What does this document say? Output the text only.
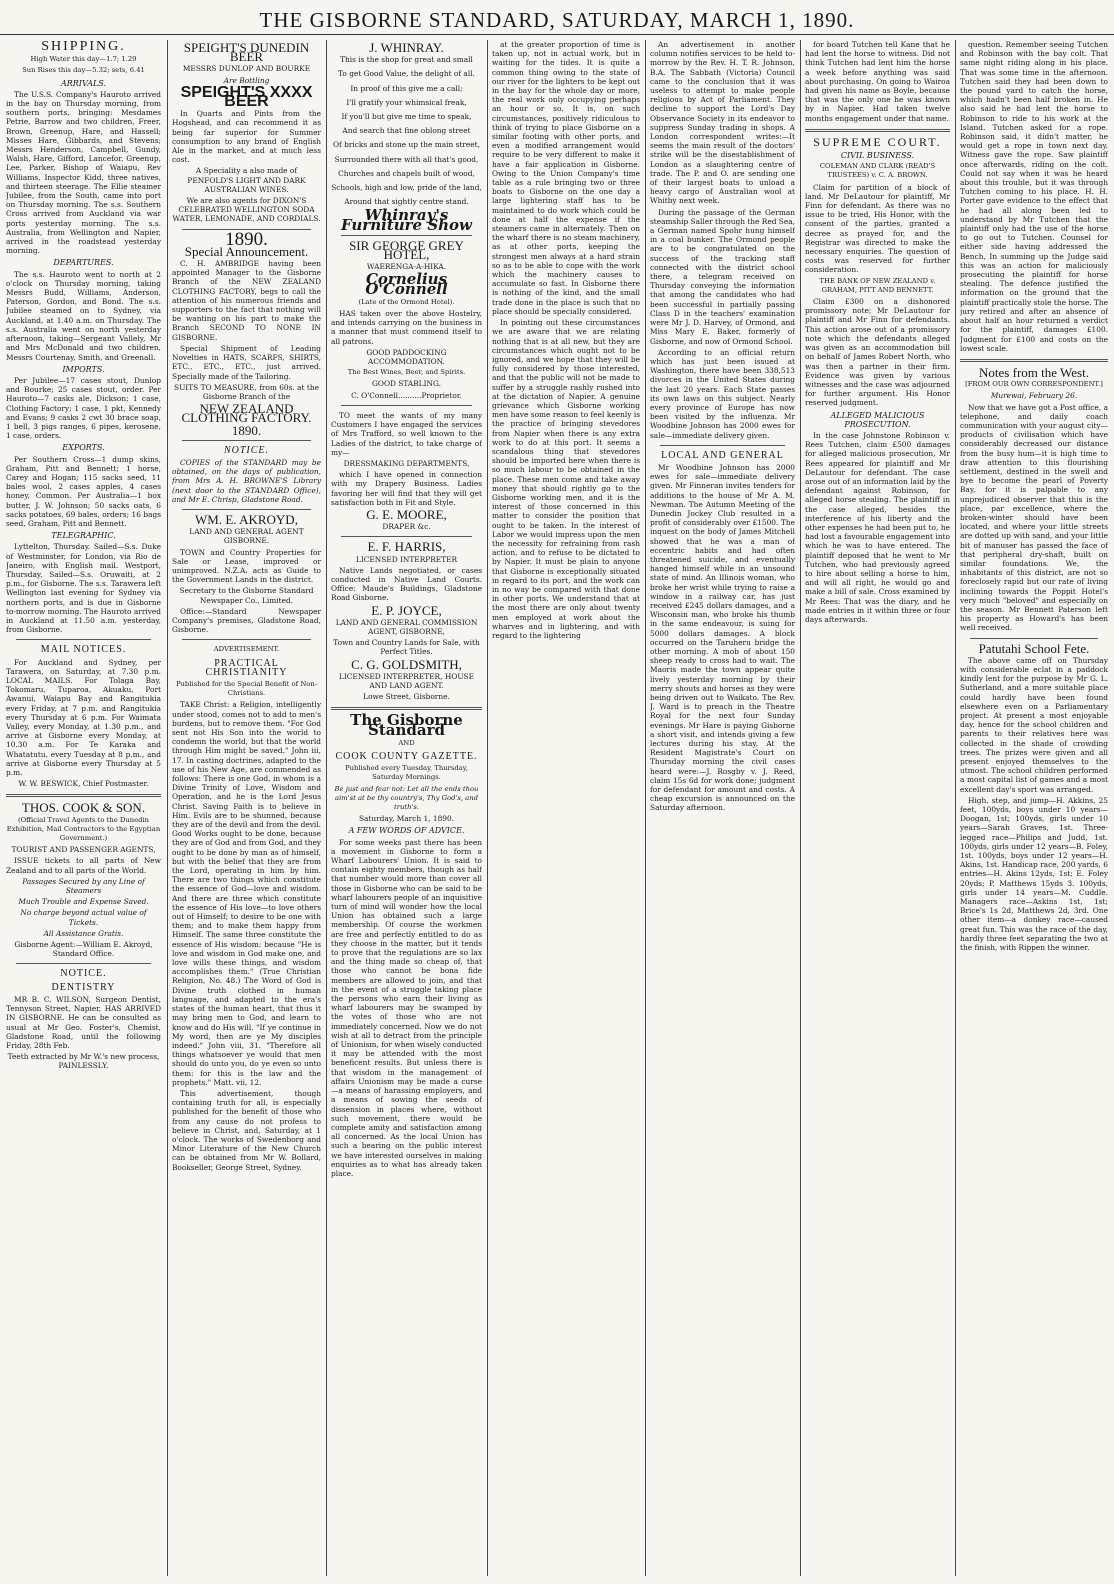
THE GISBORNE STANDARD, SATURDAY, MARCH 1, 1890.
SHIPPING.

High Water this day—1.7; 1.29

Sun Rises this day—5.32; sets, 6.41

ARRIVALS.

The U.S.S. Company's Hauroto arrived in the bay on Thursday morning, from southern ports, bringing: Mesdames Petrie, Barrow and two children, Freer, Brown, Greenup, Hare, and Hassell; Misses Hare, Gibbards, and Stevens; Messrs Henderson, Campbell, Gundy, Walsh, Hare, Gifford, Lancefor, Greenup, Lee, Parker, Bishop of Waiapu, Rev Williams, Inspector Kidd, three natives, and thirteen steerage. The Ellie steamer Jubilee, from the South, came into port on Thursday morning. The s.s. Southern Cross arrived from Auckland via war ports yesterday morning. The s.s. Australia, from Wellington and Napier, arrived in the roadstead yesterday morning.

DEPARTURES.

The s.s. Hauroto went to north at 2 o'clock on Thursday morning, taking Messrs Budd, Williams, Anderson, Paterson, Gordon, and Bond. The s.s. Jubilee steamed on to Sydney, via Auckland, at 1.40 a.m. on Thursday. The s.s. Australia went on north yesterday afternoon, taking—Sergeant Vallely, Mr and Mrs McDonald and two children, Messrs Courtenay, Smith, and Greenall.

IMPORTS.

Per Jubilee—17 cases stout, Dunlop and Bourke; 25 cases stout, order. Per Hauroto—7 casks ale, Dickson; 1 case, Clothing Factory; 1 case, 1 pkt, Kennedy and Evans; 9 casks 2 cwt 30 brace soap, 1 bell, 3 pigs ranges, 6 pipes, kerosene, 1 case, orders.

EXPORTS.

Per Southern Cross—1 dump skins, Graham, Pitt and Bennett; 1 horse, Carey and Hogan; 115 sacks seed, 11 bales wool, 2 cases apples, 4 cases honey, Common. Per Australia—1 box butter, J. W. Johnson; 50 sacks oats, 6 sacks potatoes, 69 bales, orders; 16 bags seed, Graham, Pitt and Bennett.

TELEGRAPHIC.

Lyttelton, Thursday. Sailed—S.s. Duke of Westminster, for London, via Rio de Janeiro, with English mail. Westport, Thursday. Sailed—S.s. Oruwaiti, at 2 p.m., for Gisborne. The s.s. Tarawera left Wellington last evening for Sydney via northern ports, and is due in Gisborne to-morrow morning. The Hauroto arrived in Auckland at 11.50 a.m. yesterday, from Gisborne.

MAIL NOTICES.

For Auckland and Sydney, per Tarawera, on Saturday, at 7.30 p.m. LOCAL MAILS. For Tolaga Bay, Tokomaru, Tuparoa, Akuaku, Port Awanui, Waiapu Bay and Rangitukia every Friday, at 7 p.m. and Rangitukia every Thursday at 6 p.m. For Waimata Valley, every Monday, at 1.30 p.m., and arrive at Gisborne every Monday, at 10.30 a.m. For Te Karaka and Whatatutu, every Tuesday at 8 p.m., and arrive at Gisborne every Thursday at 5 p.m.

W. W. BESWICK, Chief Postmaster.

THOS. COOK & SON.

(Official Travel Agents to the Dunedin Exhibition, Mail Contractors to the Egyptian Government.)

TOURIST AND PASSENGER AGENTS,

ISSUE tickets to all parts of New Zealand and to all parts of the World.

Passages Secured by any Line of Steamers

Much Trouble and Expense Saved.

No charge beyond actual value of Tickets.

All Assistance Gratis.

Gisborne Agent:—William E. Akroyd, Standard Office.

NOTICE.
DENTISTRY

MR B. C. WILSON, Surgeon Dentist, Tennyson Street, Napier, HAS ARRIVED IN GISBORNE. He can be consulted as usual at Mr Geo. Foster's, Chemist, Gladstone Road, until the following Friday, 28th Feb.

Teeth extracted by Mr W.'s new process, PAINLESSLY.

SPEIGHT'S DUNEDIN BEER

MESSRS DUNLOP AND BOURKE

Are Bottling

SPEIGHT'S XXXX BEER

In Quarts and Pints from the Hogshead, and can recommend it as being far superior for Summer consumption to any brand of English Ale in the market, and at much less cost.

A Speciality a also made of PENFOLD'S LIGHT AND DARK AUSTRALIAN WINES.

We are also agents for DIXON'S CELEBRATED WELLINGTON SODA WATER, LEMONADE, AND CORDIALS.

1890.
Special Announcement.

C. H. AMBRIDGE having been appointed Manager to the Gisborne Branch of the NEW ZEALAND CLOTHING FACTORY, begs to call the attention of his numerous friends and supporters to the fact that nothing will be wanting on his part to make the Branch SECOND TO NONE IN GISBORNE.

Special Shipment of Leading Novelties in HATS, SCARFS, SHIRTS, ETC., ETC., ETC., just arrived. Specially made of the Tailoring.

SUITS TO MEASURE, from 60s. at the Gisborne Branch of the

NEW ZEALAND CLOTHING FACTORY.
1890.
NOTICE.

COPIES of the STANDARD may be obtained, on the days of publication, from Mrs A. H. BROWNE'S Library (next door to the STANDARD Office), and Mr E. Chrisp, Gladstone Road.

WM. E. AKROYD,

LAND AND GENERAL AGENT GISBORNE.

TOWN and Country Properties for Sale or Lease, improved or unimproved. N.Z.A. acts as Guide to the Government Lands in the district.

Secretary to the Gisborne Standard Newspaper Co., Limited.

Office:—Standard Newspaper Company's premises, Gladstone Road, Gisborne.

ADVERTISEMENT.

PRACTICAL CHRISTIANITY

Published for the Special Benefit of Non-Christians.

TAKE Christ: a Religion, intelligently under stood, comes not to add to men's burdens, but to remove them. "For God sent not His Son into the world to condemn the world, but that the world through Him might be saved." John iii, 17. In casting doctrines, adapted to the use of his New Age, are commended as follows: There is one God, in whom is a Divine Trinity of Love, Wisdom and Operation, and he is the Lord Jesus Christ. Saving Faith is to believe in Him. Evils are to be shunned, because they are of the devil and from the devil. Good Works ought to be done, because they are of God and from God, and they ought to be done by man as of himself, but with the belief that they are from the Lord, operating in him by him. There are two things which constitute the essence of God—love and wisdom. And there are three which constitute the essence of His love—to love others out of Himself; to desire to be one with them; and to make them happy from Himself. The same three constitute the essence of His wisdom: because "He is love and wisdom in God make one, and love wills these things, and wisdom accomplishes them." (True Christian Religion, No. 48.) The Word of God is Divine truth clothed in human language, and adapted to the era's states of the human heart, that thus it may bring men to God, and learn to know and do His will. "If ye continue in My word, then are ye My disciples indeed." John viii, 31. "Therefore all things whatsoever ye would that men should do unto you, do ye even so unto them: for this is the law and the prophets." Matt. vii, 12.

This advertisement, though containing truth for all, is especially published for the benefit of those who from any cause do not profess to believe in Christ, and, Saturday, at 1 o'clock. The works of Swedenborg and Minor Literature of the New Church can be obtained from Mr W. Bollard, Bookseller, George Street, Sydney.

J. WHINRAY.

This is the shop for great and small

To get Good Value, the delight of all.

In proof of this give me a call;

I'll gratify your whimsical freak,

If you'll but give me time to speak,

And search that fine oblong street

Of bricks and stone up the main street,

Surrounded there with all that's good,

Churches and chapels built of wood,

Schools, high and low, pride of the land,

Around that sightly centre stand.

Whinray's Furniture Show
SIR GEORGE GREY HOTEL,

WAERENGA-A-HIKA.

Cornelius O'Connell

(Late of the Ormond Hotel).

HAS taken over the above Hostelry, and intends carrying on the business in a manner that must commend itself to all patrons.

GOOD PADDOCKING ACCOMMODATION.

The Best Wines, Beer, and Spirits.

GOOD STABLING.

C. O'Connell..........Proprietor.

TO meet the wants of my many Customers I have engaged the services of Mrs Trafford, so well known to the Ladies of the district, to take charge of my—

DRESSMAKING DEPARTMENTS,

which I have opened in connection with my Drapery Business. Ladies favoring her will find that they will get satisfaction both in Fit and Style.

G. E. MOORE,

DRAPER &c.

E. F. HARRIS,

LICENSED INTERPRETER

Native Lands negotiated, or cases conducted in Native Land Courts. Office: Maude's Buildings, Gladstone Road Gisborne.

E. P. JOYCE,

LAND AND GENERAL COMMISSION AGENT, GISBORNE,

Town and Country Lands for Sale, with Perfect Titles.

C. G. GOLDSMITH,

LICENSED INTERPRETER, HOUSE AND LAND AGENT.

Lowe Street, Gisborne.

The Gisborne Standard

AND

COOK COUNTY GAZETTE.

Published every Tuesday, Thursday, Saturday Mornings.

Be just and fear not: Let all the ends thou aim'st at be thy country's, Thy God's, and truth's.

Saturday, March 1, 1890.

A FEW WORDS OF ADVICE.

For some weeks past there has been a movement in Gisborne to form a Wharf Labourers' Union. It is said to contain eighty members, though as half that number would more than cover all those in Gisborne who can be said to be wharf labourers people of an inquisitive turn of mind will wonder how the local Union has obtained such a large membership. Of course the workmen are free and perfectly entitled to do as they choose in the matter, but it tends to prove that the regulations are so lax and the thing made so cheap of, that those who cannot be bona fide members are allowed to join, and that in the event of a struggle taking place the persons who earn their living as wharf labourers may be swamped by the votes of those who are not immediately concerned. Now we do not wish at all to detract from the principle of Unionism, for when wisely conducted it may be attended with the most beneficent results. But unless there is that wisdom in the management of affairs Unionism may be made a curse—a means of harassing employers, and a means of sowing the seeds of dissension in places where, without such movement, there would be complete amity and satisfaction among all concerned. As the local Union has such a bearing on the public interest we have interested ourselves in making enquiries as to what has already taken place.

at the greater proportion of time is taken up, not in actual work, but in waiting for the tides. It is quite a common thing owing to the state of our river for the lighters to be kept out in the bay for the whole day or more, the real work only occupying perhaps an hour or so. It is, on such circumstances, positively ridiculous to think of trying to place Gisborne on a similar footing with other ports, and even a modified arrangement would require to be very different to make it have a fair application in Gisborne. Owing to the Union Company's time table as a rule bringing two or three boats to Gisborne on the one day a large lightering staff has to be maintained to do work which could be done at half the expense if the steamers came in alternately. Then on the wharf there is no steam machinery, as at other ports, keeping the strongest men always at a hard strain so as to be able to cope with the work which the machinery causes to accumulate so fast. In Gisborne there is nothing of the kind, and the small trade done in the place is such that no place should be specially considered.

In pointing out these circumstances we are aware that we are relating nothing that is at all new, but they are circumstances which ought not to be ignored, and we hope that they will be fully considered by those interested, and that the public will not be made to suffer by a struggle rashly rushed into at the dictation of Napier. A genuine grievance which Gisborne working men have some reason to feel keenly is the practice of bringing stevedores from Napier when there is any extra work to do at this port. It seems a scandalous thing that stevedores should be imported here when there is so much labour to be obtained in the place. These men come and take away money that should rightly go to the Gisborne working men, and it is the interest of those concerned in this matter to consider the position that ought to be taken. In the interest of Labor we would impress upon the men the necessity for refraining from rash action, and to refuse to be dictated to by Napier. It must be plain to anyone that Gisborne is exceptionally situated in regard to its port, and the work can in no way be compared with that done in other ports. We understand that at the most there are only about twenty men employed at work about the wharves and in lightering, and with regard to the lightering

An advertisement in another column notifies services to be held to-morrow by the Rev. H. T. R. Johnson, B.A. The Sabbath (Victoria) Council came to the conclusion that it was useless to attempt to make people religious by Act of Parliament. They decline to support the Lord's Day Observance Society in its endeavor to suppress Sunday trading in shops. A London correspondent writes:—It seems the main result of the doctors' strike will be the disestablishment of London as a slaughtering centre of trade. The P. and O. are sending one of their largest boats to unload a heavy cargo of Australian wool at Whitby next week.

During the passage of the German steamship Saller through the Red Sea, a German named Spohr hung himself in a coal bunker. The Ormond people are to be congratulated on the success of the tracking staff connected with the district school there, a telegram received on Thursday conveying the information that among the candidates who had been successful in partially passing Class D in the teachers' examination were Mr J. D. Harvey, of Ormond, and Miss Mary E. Baker, formerly of Gisborne, and now of Ormond School.

According to an official return which has just been issued at Washington, there have been 338,513 divorces in the United States during the last 20 years. Each State passes its own laws on this subject. Nearly every province of Europe has now been visited by the influenza. Mr Woodbine Johnson has 2000 ewes for sale—immediate delivery given.

LOCAL AND GENERAL

Mr Woodbine Johnson has 2000 ewes for sale—immediate delivery given. Mr Finneran invites tenders for additions to the house of Mr A. M. Newman. The Autumn Meeting of the Dunedin Jockey Club resulted in a profit of considerably over £1500. The inquest on the body of James Mitchell showed that he was a man of eccentric habits and had often threatened suicide, and eventually hanged himself while in an unsound state of mind. An Illinois woman, who broke her wrist while trying to raise a window in a railway car, has just received £245 dollars damages, and a Wisconsin man, who broke his thumb in the same endeavour, is suing for 5000 dollars damages. A block occurred on the Taruheru bridge the other morning. A mob of about 150 sheep ready to cross had to wait. The Maoris made the town appear quite lively yesterday morning by their merry shouts and horses as they were being driven out to Waikato. The Rev. J. Ward is to preach in the Theatre Royal for the next four Sunday evenings. Mr Hare is paying Gisborne a short visit, and intends giving a few lectures during his stay. At the Resident Magistrate's Court on Thursday morning the civil cases heard were:—J. Rosgby v. J. Reed, claim 15s 6d for work done; judgment for defendant for amount and costs. A cheap excursion is announced on the Saturday afternoon.

for board Tutchen tell Kane that he had lent the horse to witness. Did not think Tutchen had lent him the horse a week before anything was said about purchasing. On going to Wairoa had given his name as Boyle, because that was the only one he was known by in Napier. Had taken twelve months engagement under that name.

SUPREME COURT.
CIVIL BUSINESS.

COLEMAN AND CLARK (READ'S TRUSTEES) v. C. A. BROWN.

Claim for partition of a block of land. Mr DeLautour for plaintiff, Mr Finn for defendant. As there was no issue to be tried, His Honor, with the consent of the parties, granted a decree as prayed for, and the Registrar was directed to make the necessary enquiries. The question of costs was reserved for further consideration.

THE BANK OF NEW ZEALAND v. GRAHAM, PITT AND BENNETT.

Claim £300 on a dishonored promissory note; Mr DeLautour for plaintiff and Mr Finn for defendants. This action arose out of a promissory note which the defendants alleged was given as an accommodation bill on behalf of James Robert North, who was then a partner in their firm. Evidence was given by various witnesses and the case was adjourned for further argument. His Honor reserved judgment.

ALLEGED MALICIOUS PROSECUTION.

In the case Johnstone Robinson v. Rees Tutchen, claim £500 damages for alleged malicious prosecution, Mr Rees appeared for plaintiff and Mr DeLautour for defendant. The case arose out of an information laid by the defendant against Robinson, for alleged horse stealing. The plaintiff in the case alleged, besides the interference of his liberty and the other expenses he had been put to, he had lost a favourable engagement into which he was to have entered. The plaintiff deposed that he went to Mr Tutchen, who had previously agreed to hire about selling a horse to him, and will all right, he would go and make a bill of sale. Cross examined by Mr Rees: That was the diary, and he made entries in it within three or four days afterwards.

question. Remember seeing Tutchen and Robinson with the bay colt. That same night riding along in his place. That was some time in the afternoon. Tutchen said they had been down to the pound yard to catch the horse, which hadn't been half broken in. He also said he had lent the horse to Robinson to ride to his work at the Island. Tutchen asked for a rope. Robinson said, it didn't matter, he would get a rope in town next day. Witness gave the rope. Saw plaintiff once afterwards, riding on the colt. Could not say when it was he heard about this trouble, but it was through Tutchen coming to his place. H. H. Porter gave evidence to the effect that he had all along been led to understand by Mr Tutchen that the plaintiff only had the use of the horse to go out to Tutchen. Counsel for either side having addressed the Bench, In summing up the Judge said this was an action for maliciously prosecuting the plaintiff for horse stealing. The defence justified the information on the ground that the plaintiff practically stole the horse. The jury retired and after an absence of about half an hour returned a verdict for the plaintiff, damages £100. Judgment for £100 and costs on the lowest scale.

Notes from the West.

[FROM OUR OWN CORRESPONDENT.]

Murewai, February 26.

Now that we have got a Post office, a telephone, and daily coach communication with your august city—products of civilisation which have considerably decreased our distance from the busy hum—it is high time to draw attention to this flourishing settlement, destined in the swell and bye to become the pearl of Poverty Bay, for it is palpable to any unprejudiced observer that this is the place, par excellence, where the broken-winter should have been located, and where your little streets are dotted up with sand, and your little bit of manuser has passed the face of that peripheral dry-shaft, built on similar foundations. We, the inhabitants of this district, are not so foreclosely rapid but our rate of living inclining towards the Poppit Hotel's very much "beloved" and especially on the season. Mr Bennett Paterson left his property as Howard's has been well received.

Patutahi School Fete.

The above came off on Thursday with considerable eclat in a paddock kindly lent for the purpose by Mr G. L. Sutherland, and a more suitable place could hardly have been found elsewhere even on a Parliamentary project. At present a most enjoyable day, hence for the school children and parents to their relatives here was collected in the shade of crowding trees. The prizes were given and all present enjoyed themselves to the utmost. The school children performed a most capital list of games and a most excellent day's sport was arranged.

High, step, and jump—H. Akkins, 25 feet, 100yds, boys under 10 years—Doogan, 1st; 100yds, girls under 10 years—Sarah Graves, 1st. Three-legged race—Philips and Judd, 1st. 100yds, girls under 12 years—B. Foley, 1st. 100yds, boys under 12 years—H. Akins, 1st. Handicap race, 200 yards, 6 entries—H. Akins 12yds, 1st; E. Foley 20yds; P. Matthews 15yds 3. 100yds, girls under 14 years—M. Cuddle. Managers race—Askins 1st, 1st; Brice's 1s 2d, Matthews 2d, 3rd. One other item—a donkey race—caused great fun. This was the race of the day, hardly three feet separating the two at the finish, with Rippen the winner.
